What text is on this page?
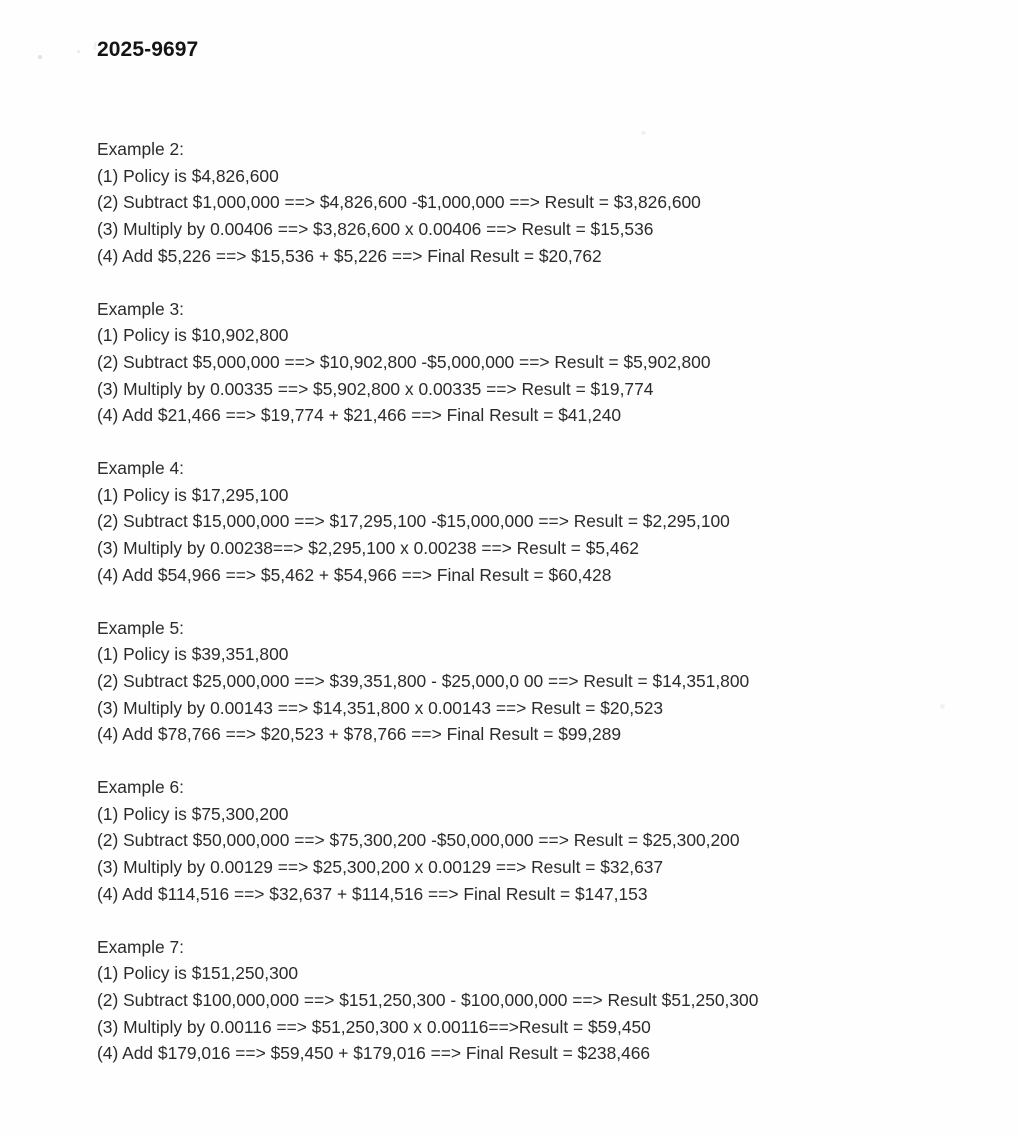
2025-9697
Example 2:
(1) Policy is $4,826,600
(2) Subtract $1,000,000 ==> $4,826,600 -$1,000,000 ==> Result = $3,826,600
(3) Multiply by 0.00406 ==> $3,826,600 x 0.00406 ==> Result = $15,536
(4) Add $5,226 ==> $15,536 + $5,226 ==> Final Result = $20,762
Example 3:
(1) Policy is $10,902,800
(2) Subtract $5,000,000 ==> $10,902,800 -$5,000,000 ==> Result = $5,902,800
(3) Multiply by 0.00335 ==> $5,902,800 x 0.00335 ==> Result = $19,774
(4) Add $21,466 ==> $19,774 + $21,466 ==> Final Result = $41,240
Example 4:
(1) Policy is $17,295,100
(2) Subtract $15,000,000 ==> $17,295,100 -$15,000,000 ==> Result = $2,295,100
(3) Multiply by 0.00238==> $2,295,100 x 0.00238 ==> Result = $5,462
(4) Add $54,966 ==> $5,462 + $54,966 ==> Final Result = $60,428
Example 5:
(1) Policy is $39,351,800
(2) Subtract $25,000,000 ==> $39,351,800 - $25,000,0 00 ==> Result = $14,351,800
(3) Multiply by 0.00143 ==> $14,351,800 x 0.00143 ==> Result = $20,523
(4) Add $78,766 ==> $20,523 + $78,766 ==> Final Result = $99,289
Example 6:
(1) Policy is $75,300,200
(2) Subtract $50,000,000 ==> $75,300,200 -$50,000,000 ==> Result = $25,300,200
(3) Multiply by 0.00129 ==> $25,300,200 x 0.00129 ==> Result = $32,637
(4) Add $114,516 ==> $32,637 + $114,516 ==> Final Result = $147,153
Example 7:
(1) Policy is $151,250,300
(2) Subtract $100,000,000 ==> $151,250,300 - $100,000,000 ==> Result $51,250,300
(3) Multiply by 0.00116 ==> $51,250,300 x 0.00116==>Result = $59,450
(4) Add $179,016 ==> $59,450 + $179,016 ==> Final Result = $238,466
